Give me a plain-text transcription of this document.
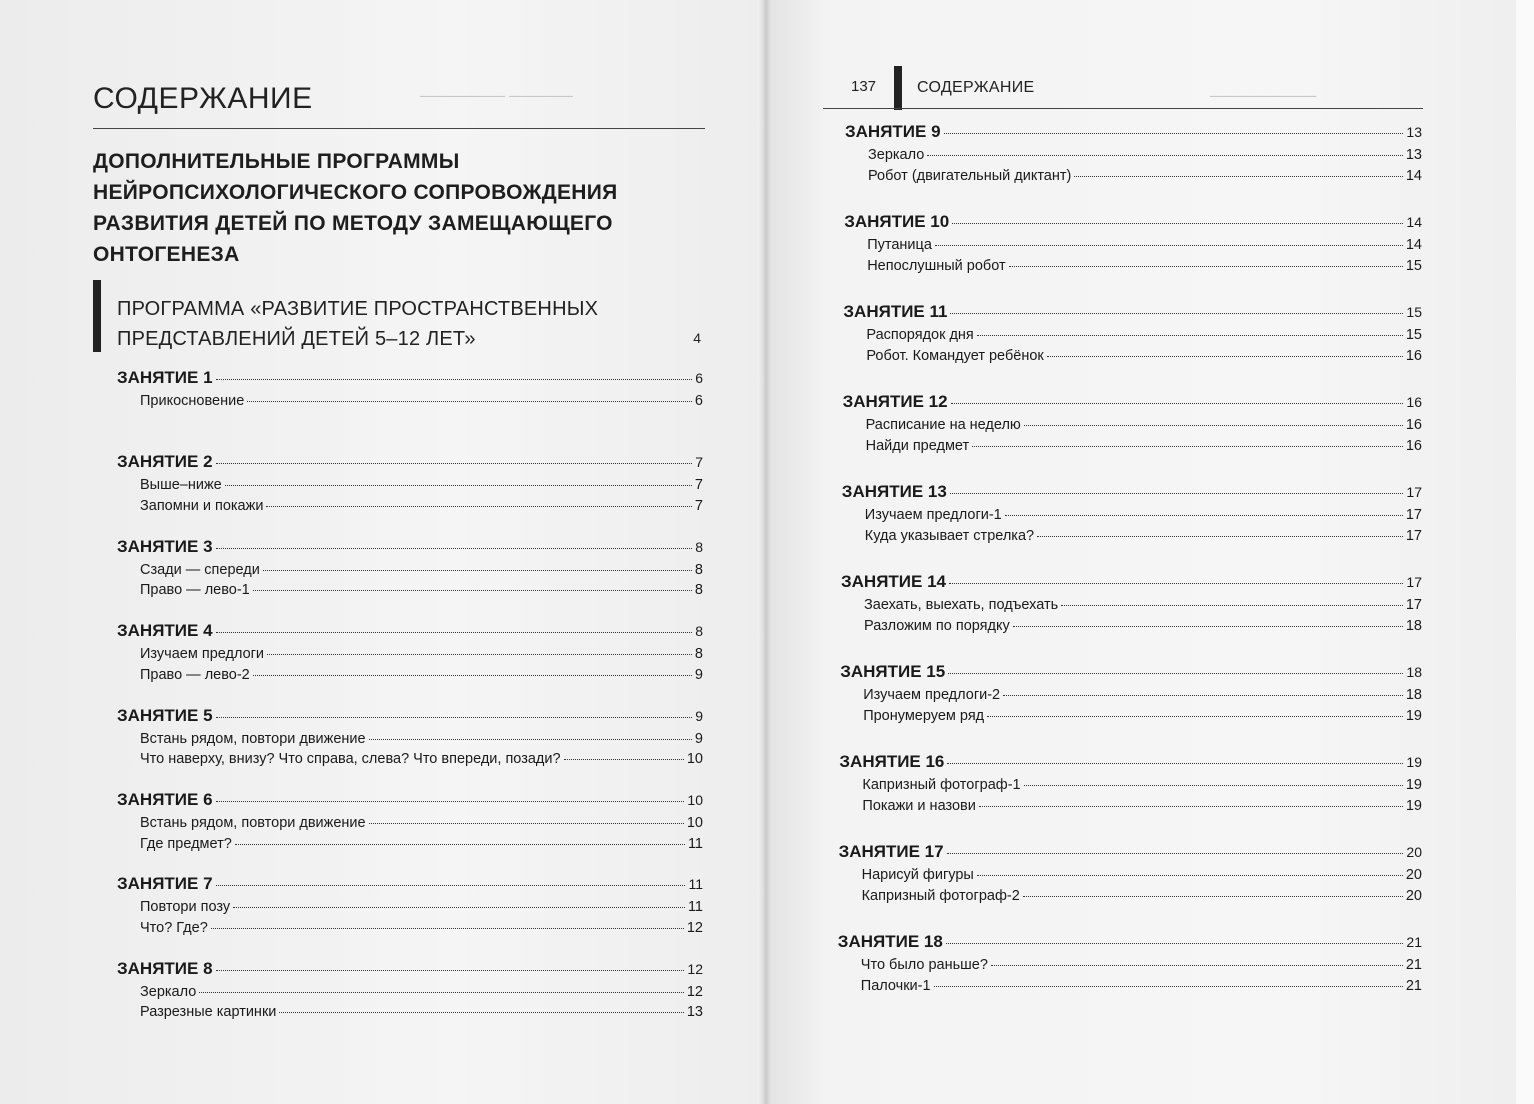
────── ────────	──────────
СОДЕРЖАНИЕ
ДОПОЛНИТЕЛЬНЫЕ ПРОГРАММЫ НЕЙРОПСИХОЛОГИЧЕСКОГО СОПРОВОЖДЕНИЯ РАЗВИТИЯ ДЕТЕЙ ПО МЕТОДУ ЗАМЕЩАЮЩЕГО ОНТОГЕНЕЗА
ПРОГРАММА «РАЗВИТИЕ ПРОСТРАНСТВЕННЫХ ПРЕДСТАВЛЕНИЙ ДЕТЕЙ 5–12 ЛЕТ»	4
ЗАНЯТИЕ 1	6
Прикосновение	6
ЗАНЯТИЕ 2	7
Выше–ниже	7
Запомни и покажи	7
ЗАНЯТИЕ 3	8
Сзади — спереди	8
Право — лево-1	8
ЗАНЯТИЕ 4	8
Изучаем предлоги	8
Право — лево-2	9
ЗАНЯТИЕ 5	9
Встань рядом, повтори движение	9
Что наверху, внизу? Что справа, слева? Что впереди, позади?	10
ЗАНЯТИЕ 6	10
Встань рядом, повтори движение	10
Где предмет?	11
ЗАНЯТИЕ 7	11
Повтори позу	11
Что? Где?	12
ЗАНЯТИЕ 8	12
Зеркало	12
Разрезные картинки	13
137	СОДЕРЖАНИЕ
ЗАНЯТИЕ 9	13
Зеркало	13
Робот (двигательный диктант)	14
ЗАНЯТИЕ 10	14
Путаница	14
Непослушный робот	15
ЗАНЯТИЕ 11	15
Распорядок дня	15
Робот. Командует ребёнок	16
ЗАНЯТИЕ 12	16
Расписание на неделю	16
Найди предмет	16
ЗАНЯТИЕ 13	17
Изучаем предлоги-1	17
Куда указывает стрелка?	17
ЗАНЯТИЕ 14	17
Заехать, выехать, подъехать	17
Разложим по порядку	18
ЗАНЯТИЕ 15	18
Изучаем предлоги-2	18
Пронумеруем ряд	19
ЗАНЯТИЕ 16	19
Капризный фотограф-1	19
Покажи и назови	19
ЗАНЯТИЕ 17	20
Нарисуй фигуры	20
Капризный фотограф-2	20
ЗАНЯТИЕ 18	21
Что было раньше?	21
Палочки-1	21
